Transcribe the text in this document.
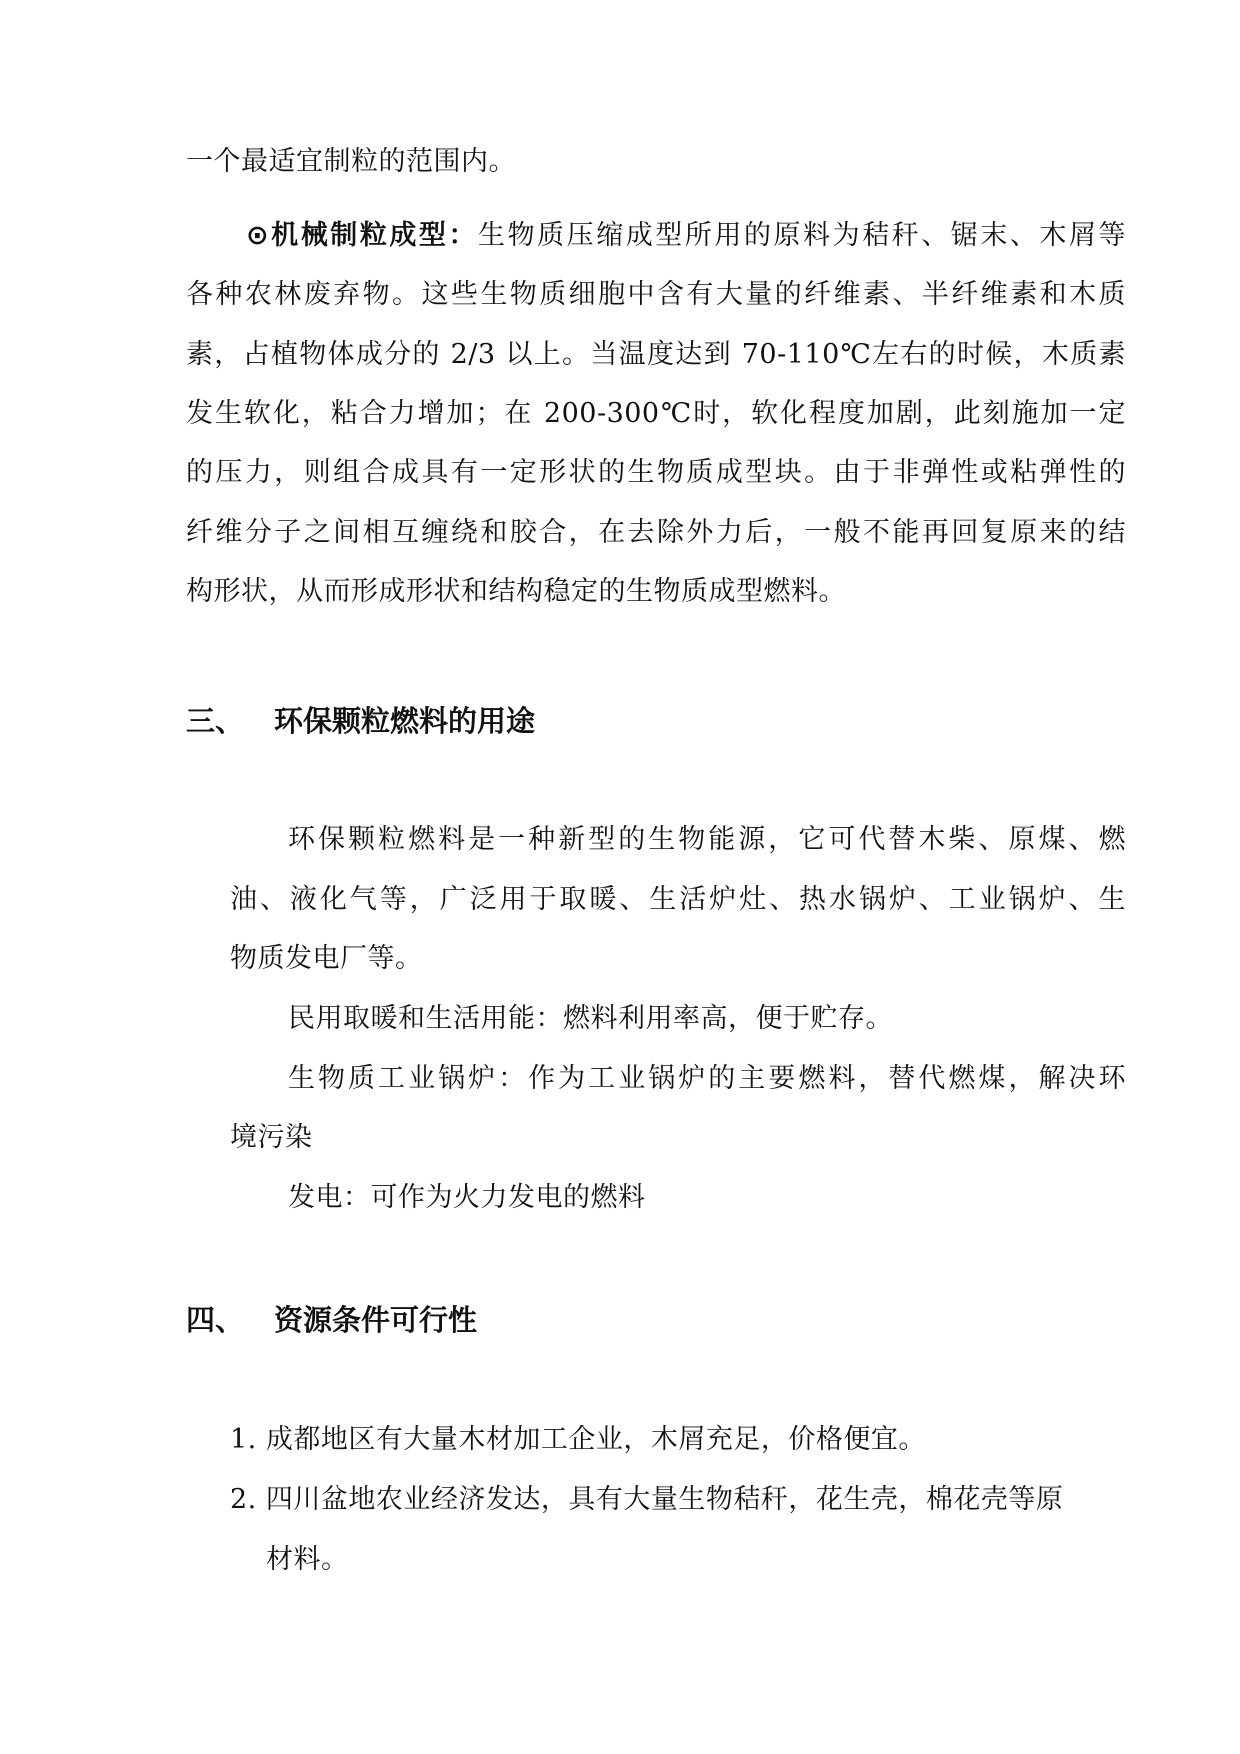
一个最适宜制粒的范围内。
⊙机械制粒成型：生物质压缩成型所用的原料为秸秆、锯末、木屑等
各种农林废弃物。这些生物质细胞中含有大量的纤维素、半纤维素和木质
素，占植物体成分的 2/3 以上。当温度达到 70-110℃左右的时候，木质素
发生软化，粘合力增加；在 200-300℃时，软化程度加剧，此刻施加一定
的压力，则组合成具有一定形状的生物质成型块。由于非弹性或粘弹性的
纤维分子之间相互缠绕和胶合，在去除外力后，一般不能再回复原来的结
构形状，从而形成形状和结构稳定的生物质成型燃料。
三、 环保颗粒燃料的用途
环保颗粒燃料是一种新型的生物能源，它可代替木柴、原煤、燃
油、液化气等，广泛用于取暖、生活炉灶、热水锅炉、工业锅炉、生
物质发电厂等。
民用取暖和生活用能：燃料利用率高，便于贮存。
生物质工业锅炉：作为工业锅炉的主要燃料，替代燃煤，解决环
境污染
发电：可作为火力发电的燃料
四、 资源条件可行性
1. 成都地区有大量木材加工企业，木屑充足，价格便宜。
2. 四川盆地农业经济发达，具有大量生物秸秆，花生壳，棉花壳等原
材料。
